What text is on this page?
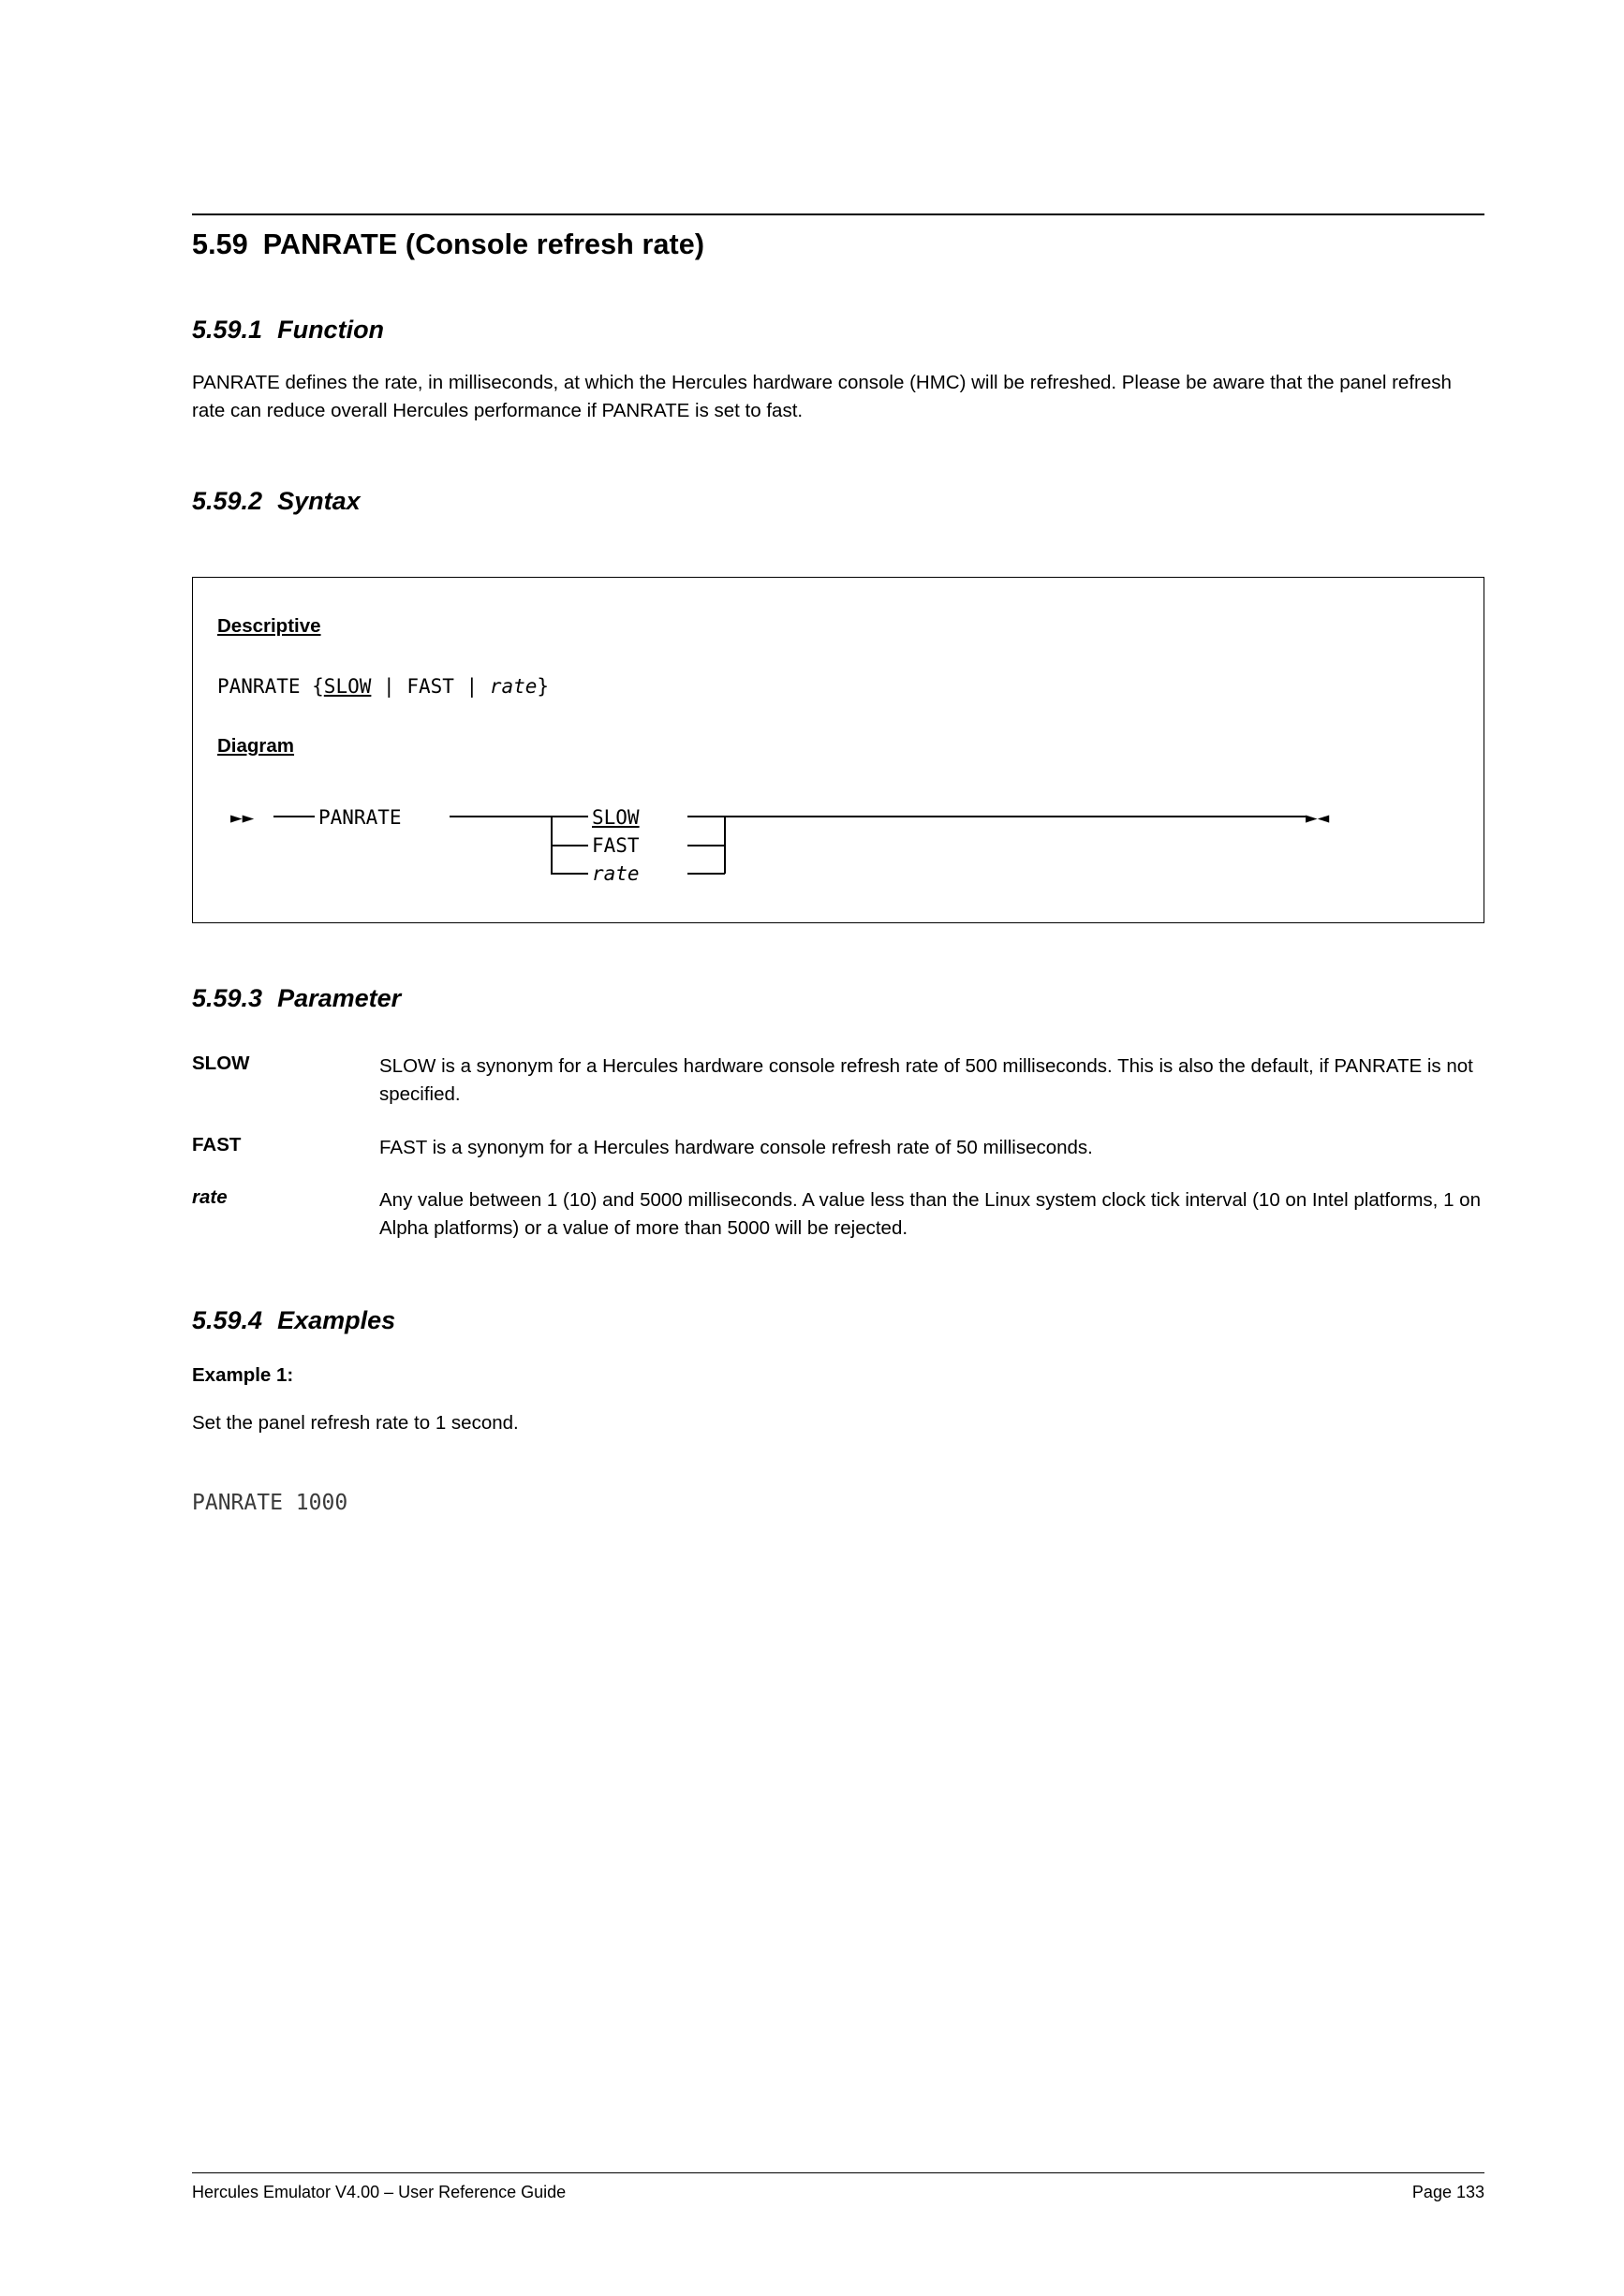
5.59 PANRATE (Console refresh rate)
5.59.1 Function

PANRATE defines the rate, in milliseconds, at which the Hercules hardware console (HMC) will be refreshed. Please be aware that the panel refresh rate can reduce overall Hercules performance if PANRATE is set to fast.

5.59.2 Syntax
Descriptive
PANRATE {SLOW | FAST | rate}
Diagram
►►	PANRATE	SLOW
FAST
rate
►◄
5.59.3 Parameter
SLOW	SLOW is a synonym for a Hercules hardware console refresh rate of 500 milliseconds. This is also the default, if PANRATE is not specified.
FAST	FAST is a synonym for a Hercules hardware console refresh rate of 50 milliseconds.
rate	Any value between 1 (10) and 5000 milliseconds. A value less than the Linux system clock tick interval (10 on Intel platforms, 1 on Alpha platforms) or a value of more than 5000 will be rejected.
5.59.4 Examples

Example 1:

Set the panel refresh rate to 1 second.

PANRATE 1000

Hercules Emulator V4.00 – User Reference Guide	Page 133
